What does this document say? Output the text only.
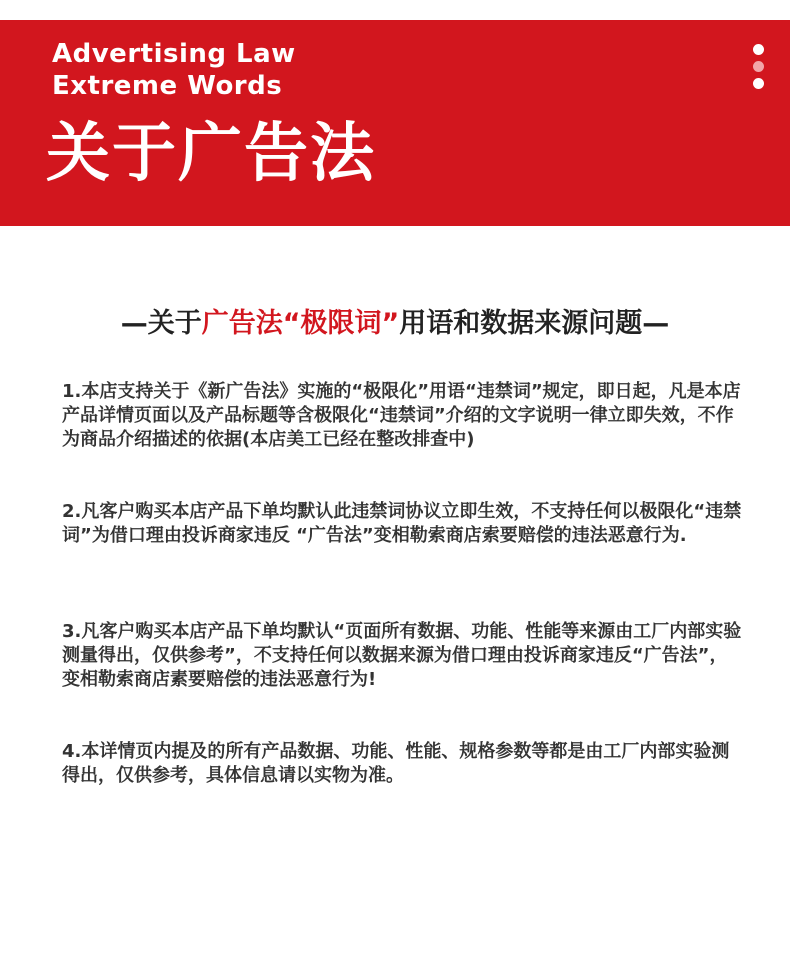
Advertising Law
Extreme Words
关于广告法
—关于广告法“极限词”用语和数据来源问题—

1.本店支持关于《新广告法》实施的“极限化”用语“违禁词”规定，即日起，凡是本店产品详情页面以及产品标题等含极限化“违禁词”介绍的文字说明一律立即失效，不作为商品介绍描述的依据(本店美工已经在整改排查中)

2.凡客户购买本店产品下单均默认此违禁词协议立即生效，不支持任何以极限化“违禁词”为借口理由投诉商家违反 “广告法”变相勒索商店索要赔偿的违法恶意行为.

3.凡客户购买本店产品下单均默认“页面所有数据、功能、性能等来源由工厂内部实验测量得出，仅供参考”，不支持任何以数据来源为借口理由投诉商家违反“广告法”，变相勒索商店素要赔偿的违法恶意行为!

4.本详情页内提及的所有产品数据、功能、性能、规格参数等都是由工厂内部实验测得出，仅供参考，具体信息请以实物为准。
